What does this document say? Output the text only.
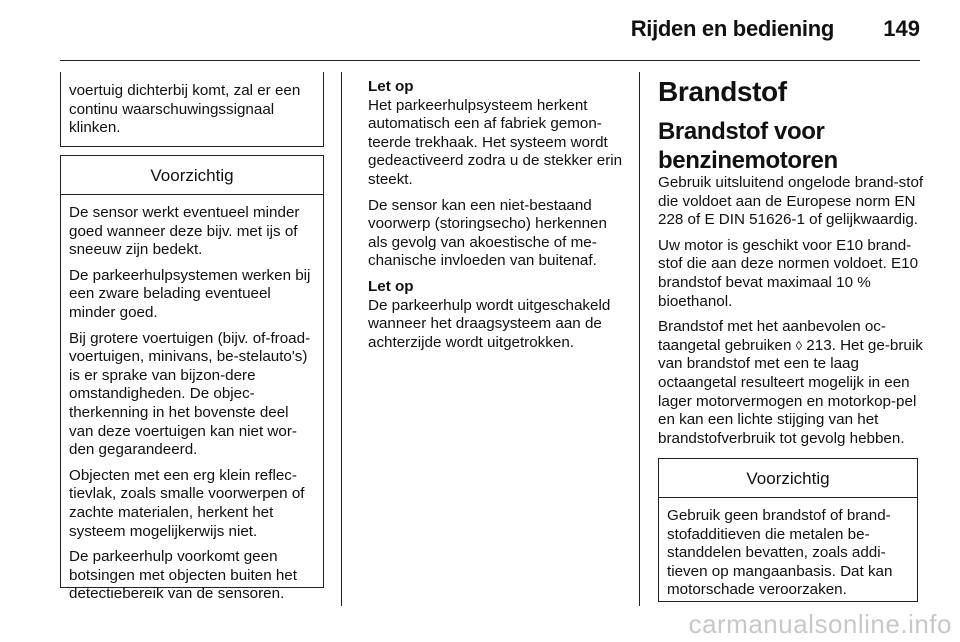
Rijden en bediening 149
voertuig dichterbij komt, zal er een continu waarschuwingssignaal klinken.
Voorzichtig

De sensor werkt eventueel minder goed wanneer deze bijv. met ijs of sneeuw zijn bedekt.

De parkeerhulpsystemen werken bij een zware belading eventueel minder goed.

Bij grotere voertuigen (bijv. of-froad-voertuigen, minivans, be-stelauto's) is er sprake van bijzon-dere omstandigheden. De objec-therkenning in het bovenste deel van deze voertuigen kan niet wor-den gegarandeerd.

Objecten met een erg klein reflec-tievlak, zoals smalle voorwerpen of zachte materialen, herkent het systeem mogelijkerwijs niet.

De parkeerhulp voorkomt geen botsingen met objecten buiten het detectiebereik van de sensoren.

Let op

Het parkeerhulpsysteem herkent automatisch een af fabriek gemon-teerde trekhaak. Het systeem wordt gedeactiveerd zodra u de stekker erin steekt.

De sensor kan een niet-bestaand voorwerp (storingsecho) herkennen als gevolg van akoestische of me-chanische invloeden van buitenaf.

Let op

De parkeerhulp wordt uitgeschakeld wanneer het draagsysteem aan de achterzijde wordt uitgetrokken.

Brandstof
Brandstof voor benzinemotoren

Gebruik uitsluitend ongelode brand-stof die voldoet aan de Europese norm EN 228 of E DIN 51626-1 of gelijkwaardig.

Uw motor is geschikt voor E10 brand-stof die aan deze normen voldoet. E10 brandstof bevat maximaal 10 % bioethanol.

Brandstof met het aanbevolen oc-taangetal gebruiken ◊ 213. Het ge-bruik van brandstof met een te laag octaangetal resulteert mogelijk in een lager motorvermogen en motorkop-pel en kan een lichte stijging van het brandstofverbruik tot gevolg hebben.

Voorzichtig

Gebruik geen brandstof of brand-stofadditieven die metalen be-standdelen bevatten, zoals addi-tieven op mangaanbasis. Dat kan motorschade veroorzaken.

carmanualsonline.info
